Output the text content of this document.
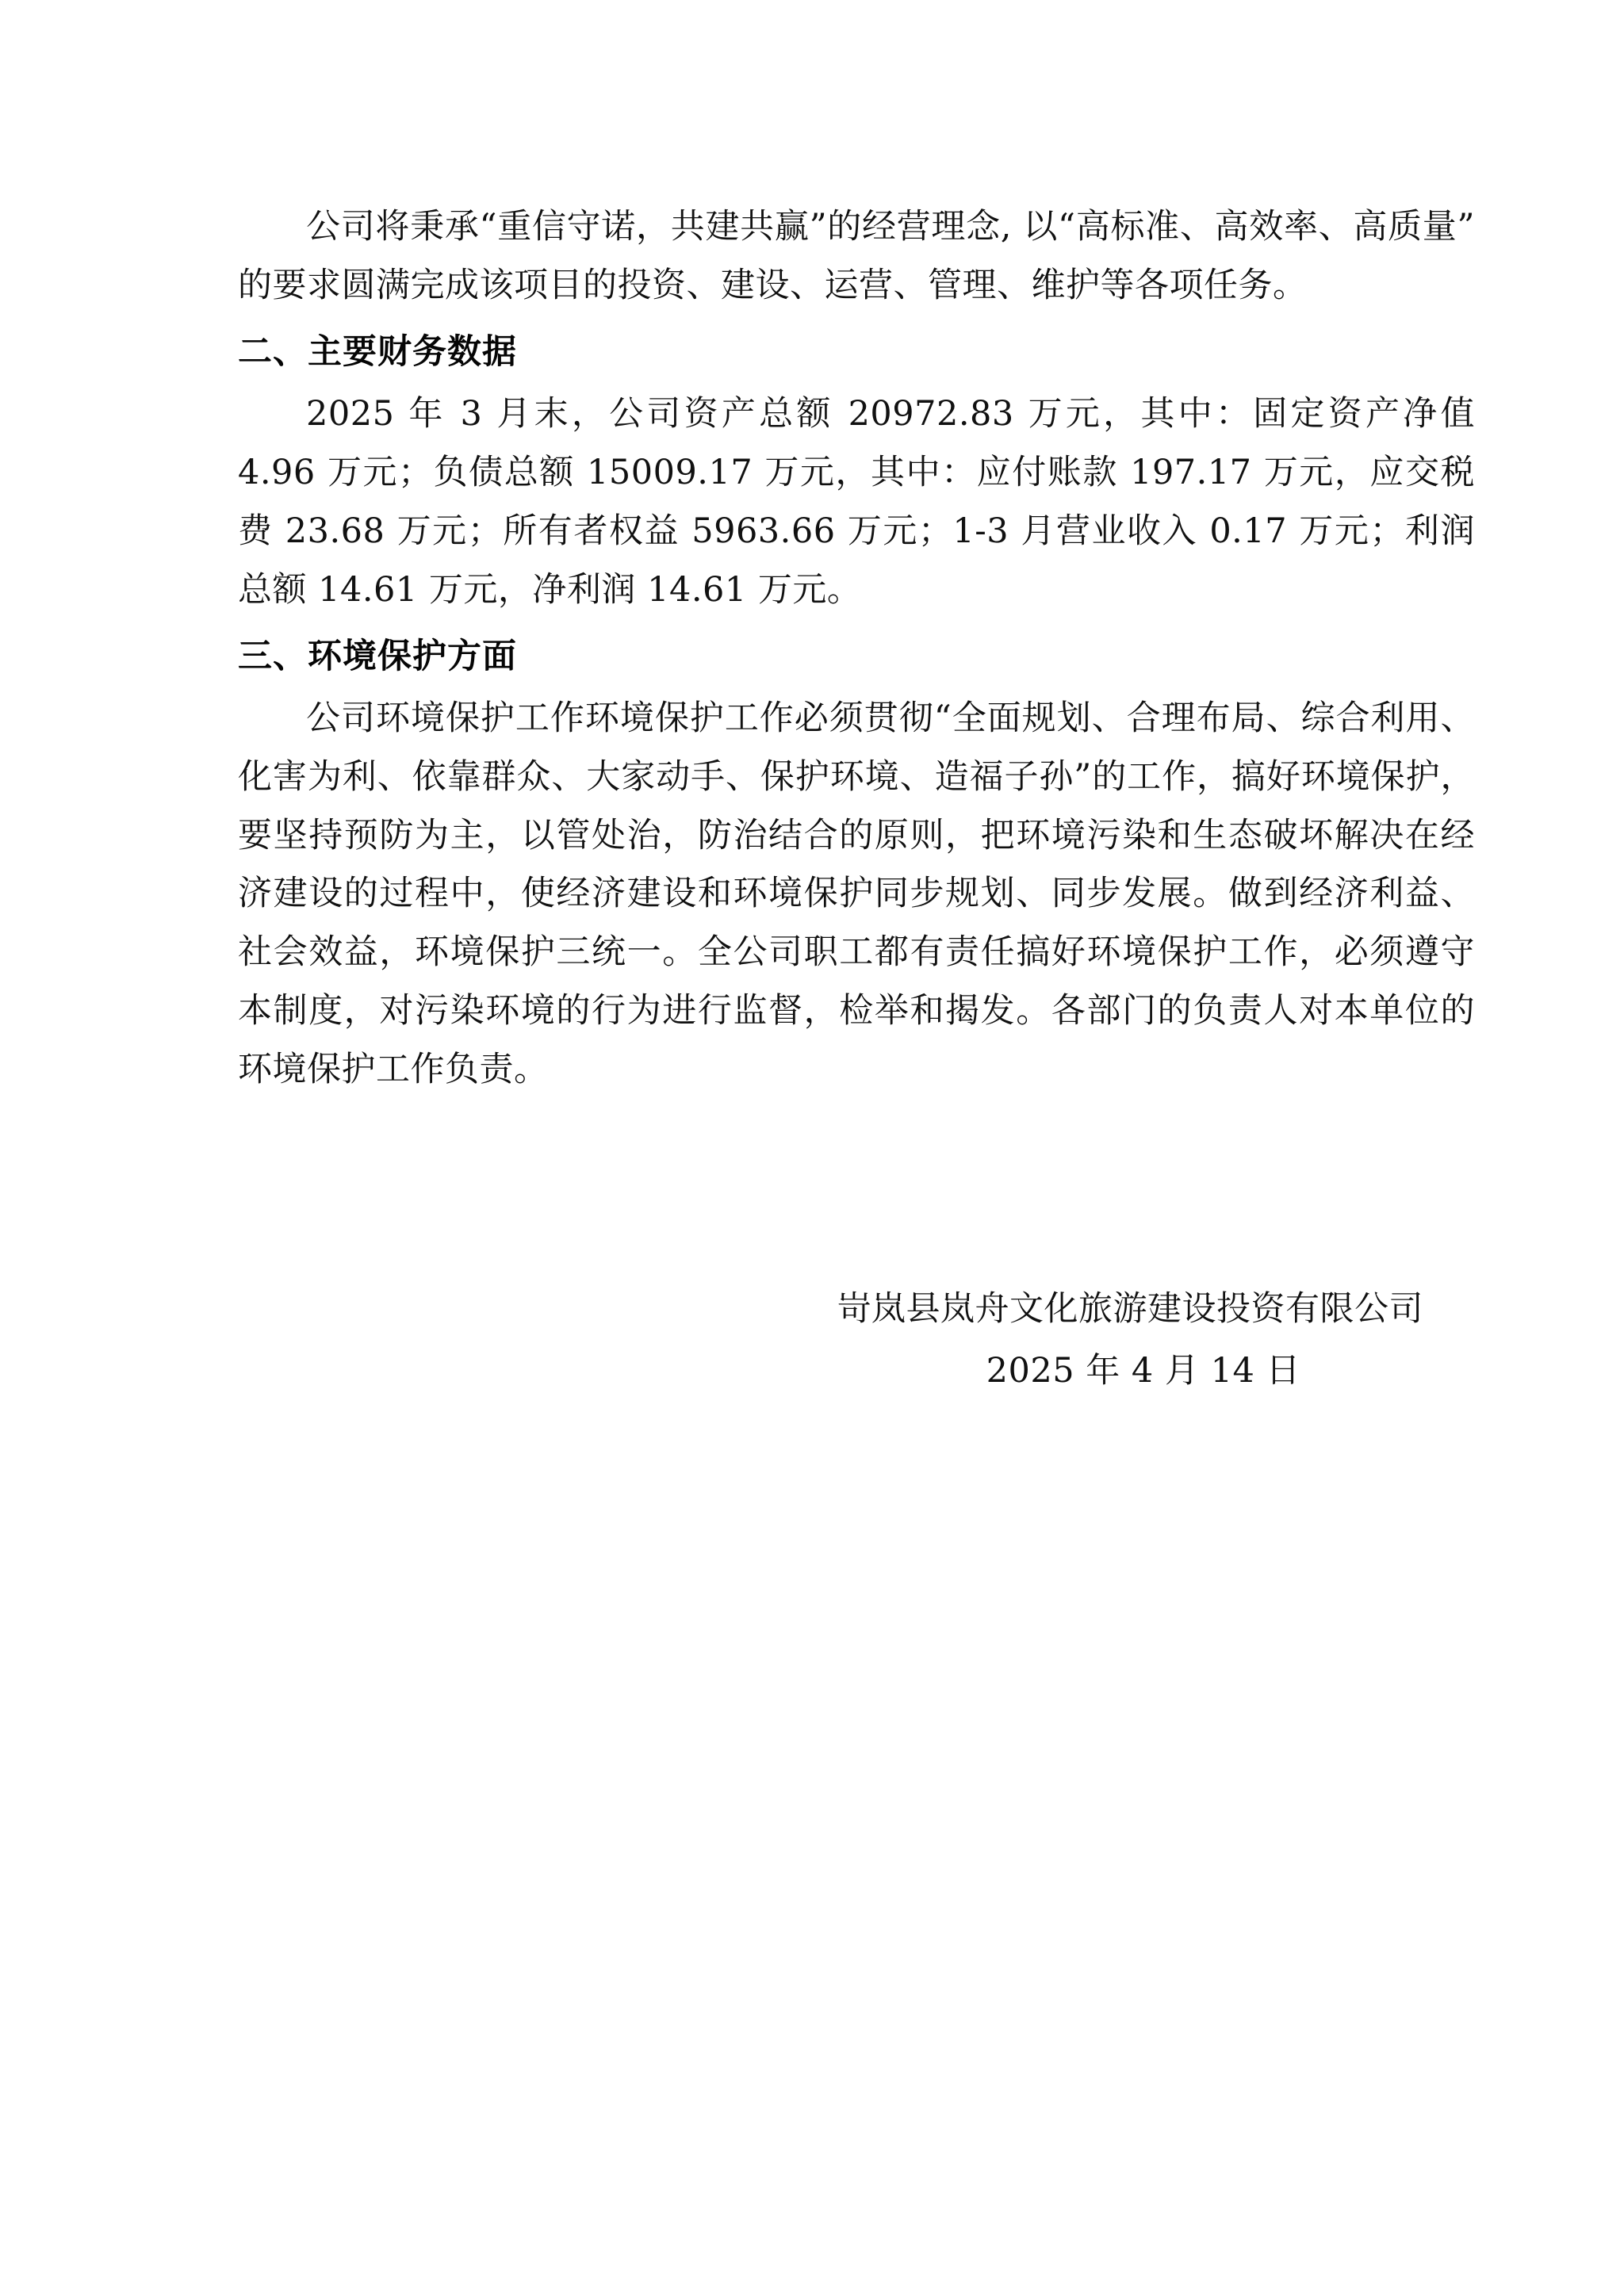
公司将秉承“重信守诺，共建共赢”的经营理念, 以“高标准、高效率、高质量”的要求圆满完成该项目的投资、建设、运营、管理、维护等各项任务。

二、主要财务数据

2025 年 3 月末，公司资产总额 20972.83 万元，其中：固定资产净值 4.96 万元；负债总额 15009.17 万元，其中：应付账款 197.17 万元，应交税费 23.68 万元；所有者权益 5963.66 万元；1-3 月营业收入 0.17 万元；利润总额 14.61 万元，净利润 14.61 万元。

三、环境保护方面

公司环境保护工作环境保护工作必须贯彻“全面规划、合理布局、综合利用、化害为利、依靠群众、大家动手、保护环境、造福子孙”的工作，搞好环境保护，要坚持预防为主，以管处治，防治结合的原则，把环境污染和生态破坏解决在经济建设的过程中，使经济建设和环境保护同步规划、同步发展。做到经济利益、社会效益，环境保护三统一。全公司职工都有责任搞好环境保护工作，必须遵守本制度，对污染环境的行为进行监督，检举和揭发。各部门的负责人对本单位的环境保护工作负责。

岢岚县岚舟文化旅游建设投资有限公司
2025 年 4 月 14 日
